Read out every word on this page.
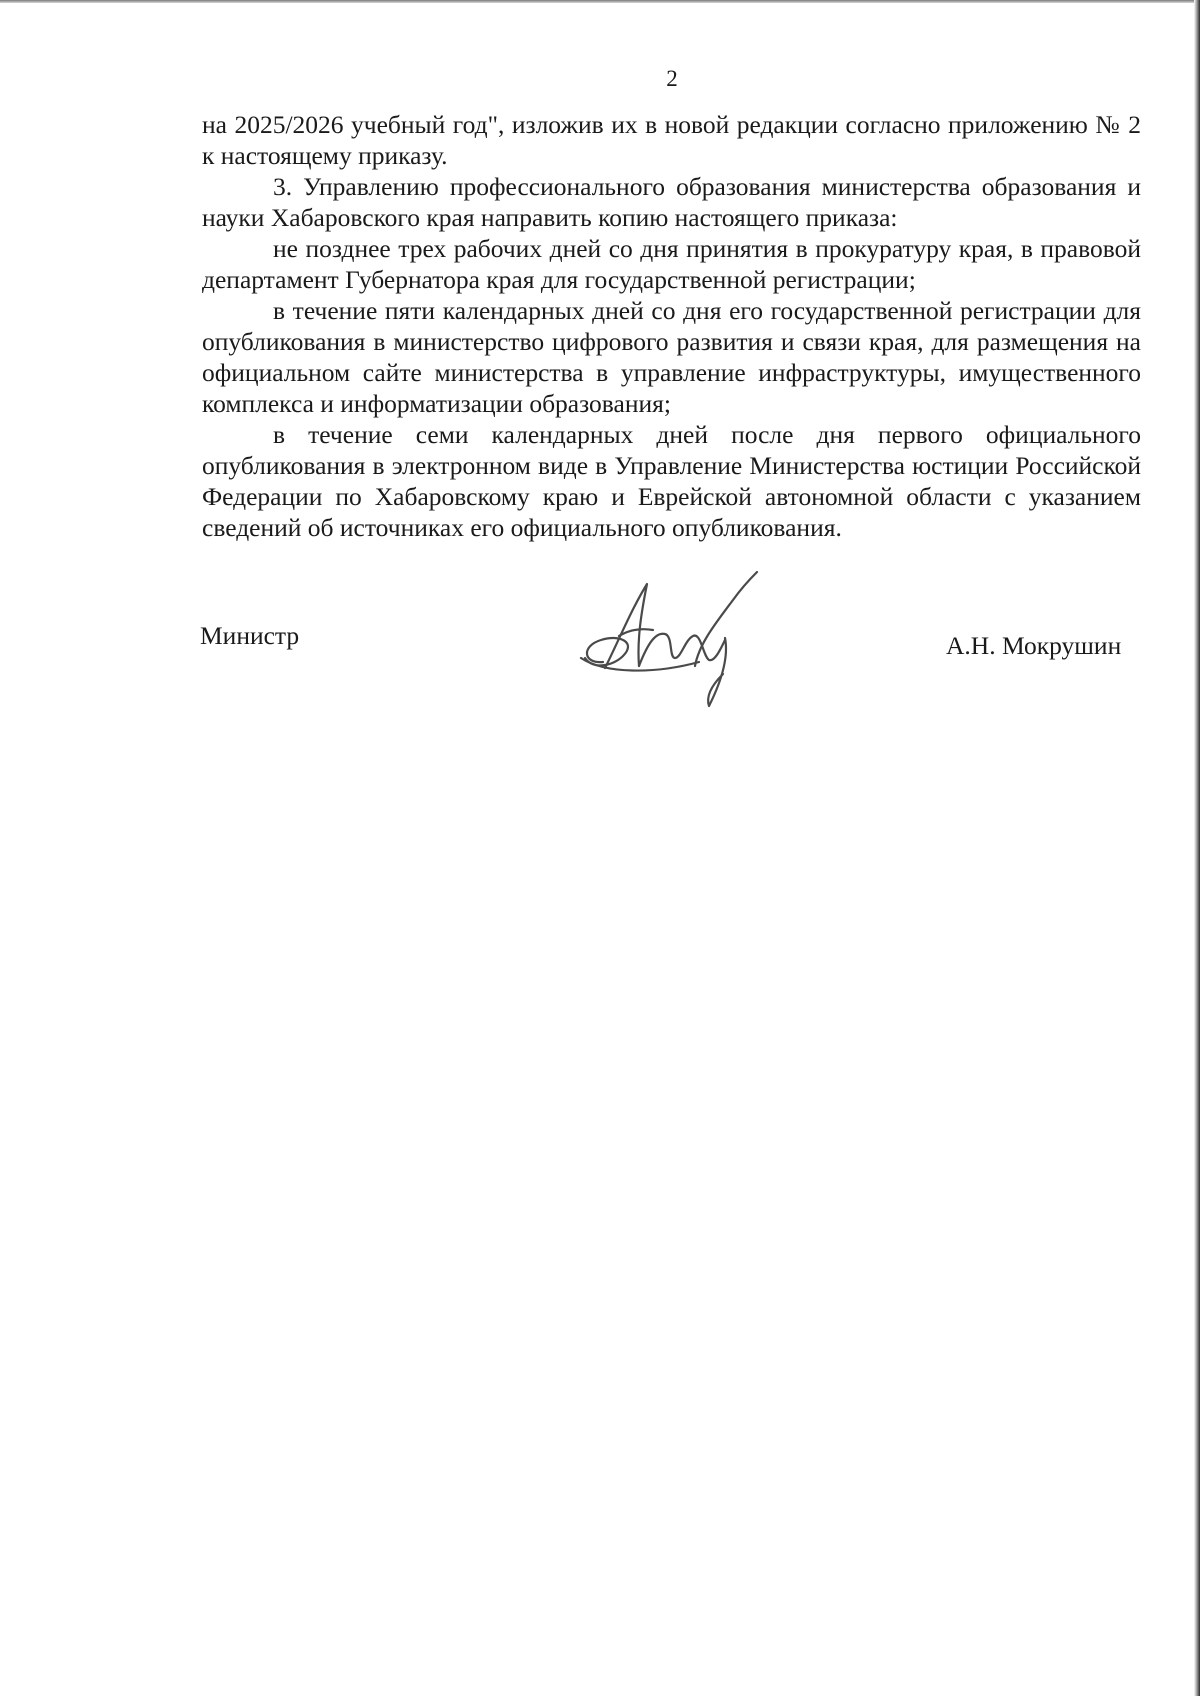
2

на 2025/2026 учебный год", изложив их в новой редакции согласно приложению № 2 к настоящему приказу.

3. Управлению профессионального образования министерства образования и науки Хабаровского края направить копию настоящего приказа:

не позднее трех рабочих дней со дня принятия в прокуратуру края, в правовой департамент Губернатора края для государственной регистрации;

в течение пяти календарных дней со дня его государственной регистрации для опубликования в министерство цифрового развития и связи края, для размещения на официальном сайте министерства в управление инфраструктуры, имущественного комплекса и информатизации образования;

в течение семи календарных дней после дня первого официального опубликования в электронном виде в Управление Министерства юстиции Российской Федерации по Хабаровскому краю и Еврейской автономной области с указанием сведений об источниках его официального опубликования.

Министр	А.Н. Мокрушин
